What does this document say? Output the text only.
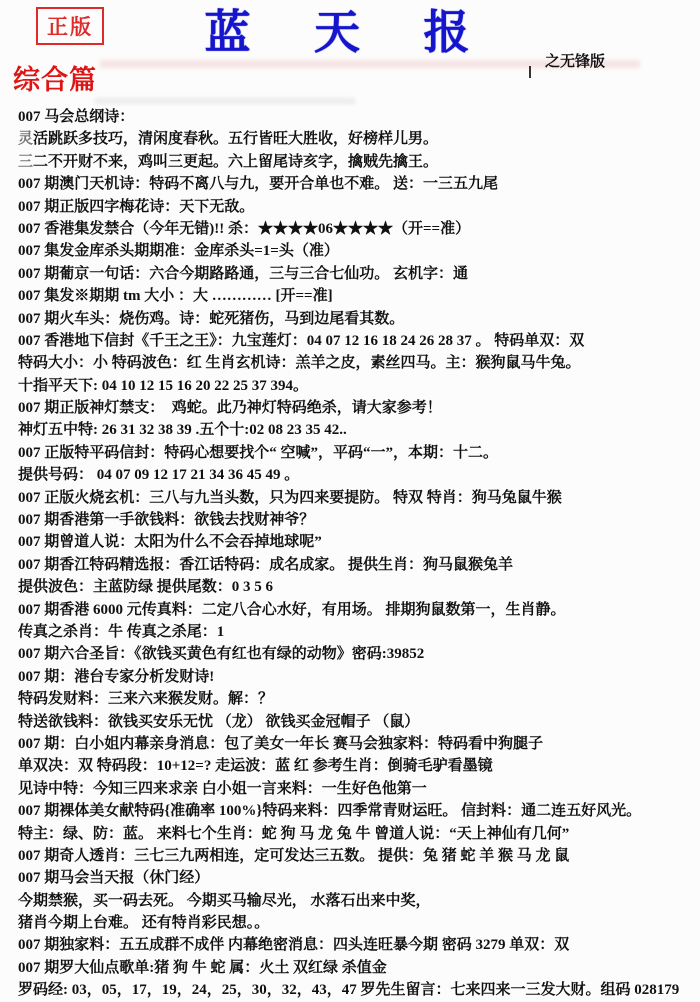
正版	蓝 天 报
之无锋版
综合篇
007 马会总纲诗：
灵活跳跃多技巧，清闲度春秋。五行皆旺大胜收，好榜样儿男。
三二不开财不来，鸡叫三更起。六上留尾诗亥字，擒贼先擒王。
007 期澳门天机诗：特码不离八与九，要开合单也不难。 送：一三五九尾
007 期正版四字梅花诗：天下无敌。
007 香港集发禁合（今年无错)!! 杀：★★★★06★★★★（开==准）
007 集发金库杀头期期准：金库杀头=1=头（准）
007 期葡京一句话：六合今期路路通，三与三合七仙功。 玄机字：通
007 集发※期期 tm 大小 ：大 ………… [开==准]
007 期火车头：烧伤鸡。诗：蛇死猪伤，马到边尾看其数。
007 香港地下信封《千王之王》：九宝莲灯：04 07 12 16 18 24 26 28 37 。 特码单双：双
特码大小：小 特码波色：红 生肖玄机诗：羔羊之皮，素丝四马。主：猴狗鼠马牛兔。
十指平天下: 04 10 12 15 16 20 22 25 37 394。
007 期正版神灯禁支：  鸡蛇。此乃神灯特码绝杀，请大家参考！
神灯五中特: 26 31 32 38 39 .五个十:02 08 23 35 42..
007 正版特平码信封：特码心想要找个“ 空喊”，平码“一”，本期：十二。
提供号码： 04 07 09 12 17 21 34 36 45 49 。
007 正版火烧玄机：三八与九当头数，只为四来要提防。 特双 特肖：狗马兔鼠牛猴
007 期香港第一手欲钱料：欲钱去找财神爷？
007 期曾道人说：太阳为什么不会吞掉地球呢”
007 期香江特码精选报：香江话特码：成名成家。 提供生肖：狗马鼠猴兔羊
提供波色：主蓝防绿 提供尾数：0 3 5 6
007 期香港 6000 元传真料：二定八合心水好，有用场。 排期狗鼠数第一，生肖静。
传真之杀肖：牛 传真之杀尾：1
007 期六合圣旨：《欲钱买黄色有红也有绿的动物》密码:39852
007 期：港台专家分析发财诗!
特码发财料：三来六来猴发财。解：？
特送欲钱料：欲钱买安乐无忧 （龙） 欲钱买金冠帽子 （鼠）
007 期：白小姐内幕亲身消息：包了美女一年长 赛马会独家料：特码看中狗腿子
单双决：双 特码段：10+12=? 走运波：蓝 红 参考生肖：倒骑毛驴看墨镜
见诗中特：今知三四来求亲 白小姐一言来料：一生好色他第一
007 期裸体美女献特码{准确率 100%}特码来料：四季常青财运旺。 信封料：通二连五好风光。
特主：绿、防：蓝。 来料七个生肖：蛇 狗 马 龙 兔 牛 曾道人说：“天上神仙有几何”
007 期奇人透肖：三七三九两相连，定可发达三五数。 提供：兔 猪 蛇 羊 猴 马 龙 鼠
007 期马会当天报（休门经）
今期禁猴，买一码去死。 今期买马输尽光， 水落石出来中奖，
猪肖今期上台难。 还有特肖彩民想。。
007 期独家料：五五成群不成伴 内幕绝密消息：四头连旺暴今期 密码 3279 单双：双
007 期罗大仙点歌单:猪 狗 牛 蛇 属：火土 双红绿 杀值金
罗码经: 03，05，17，19，24，25，30，32，43，47 罗先生留言：七来四来一三发大财。组码 028179
